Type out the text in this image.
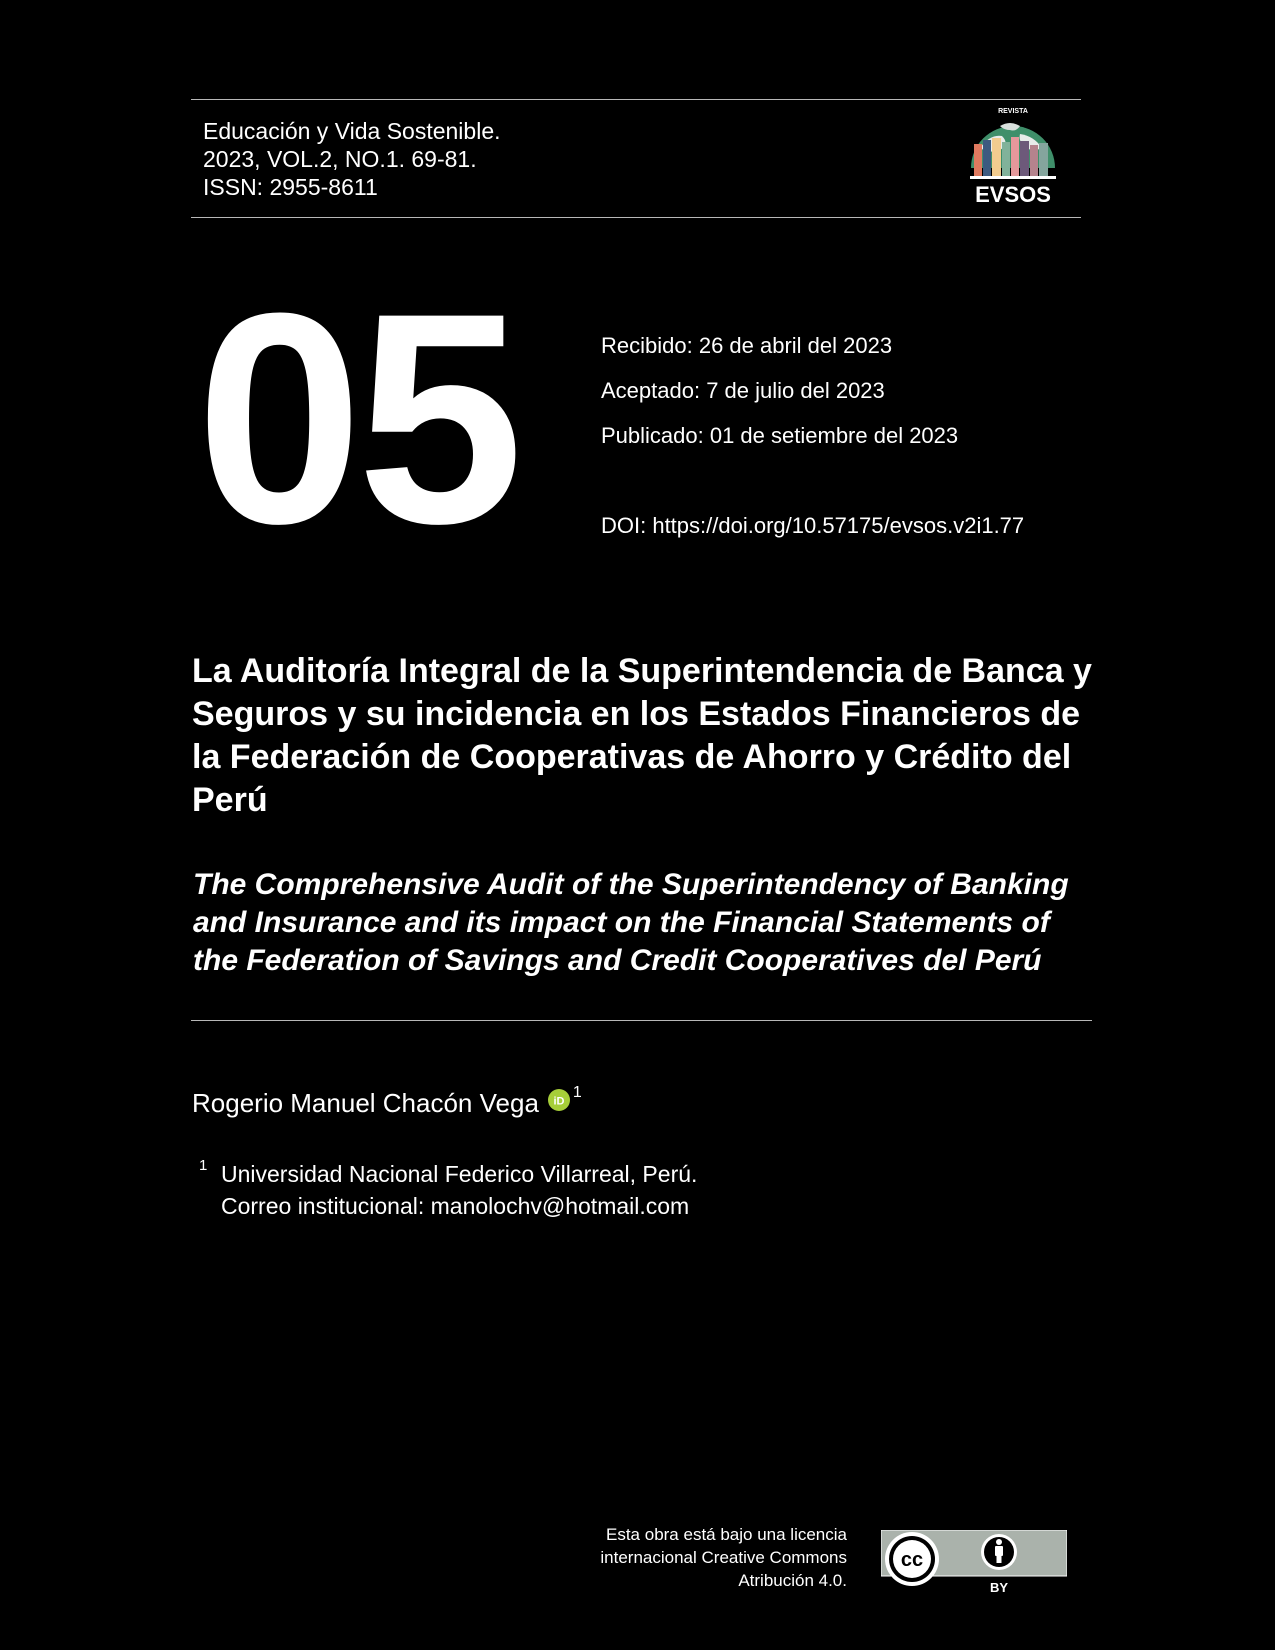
Educación y Vida Sostenible.
2023, VOL.2, NO.1. 69-81.
ISSN: 2955-8611
REVISTA
EVSOS
05	Recibido: 26 de abril del 2023
Aceptado: 7 de julio del 2023
Publicado: 01 de setiembre del 2023
DOI: https://doi.org/10.57175/evsos.v2i1.77
La Auditoría Integral de la Superintendencia de Banca y Seguros y su incidencia en los Estados Financieros de la Federación de Cooperativas de Ahorro y Crédito del Perú
The Comprehensive Audit of the Superintendency of Banking and Insurance and its impact on the Financial Statements of the Federation of Savings and Credit Cooperatives del Perú
Rogerio Manuel Chacón Vega iD
$^1$
1 Universidad Nacional Federico Villarreal, Perú.
Correo institucional: manolochv@hotmail.com
Esta obra está bajo una licencia
internacional Creative Commons
Atribución 4.0.
cc
BY
